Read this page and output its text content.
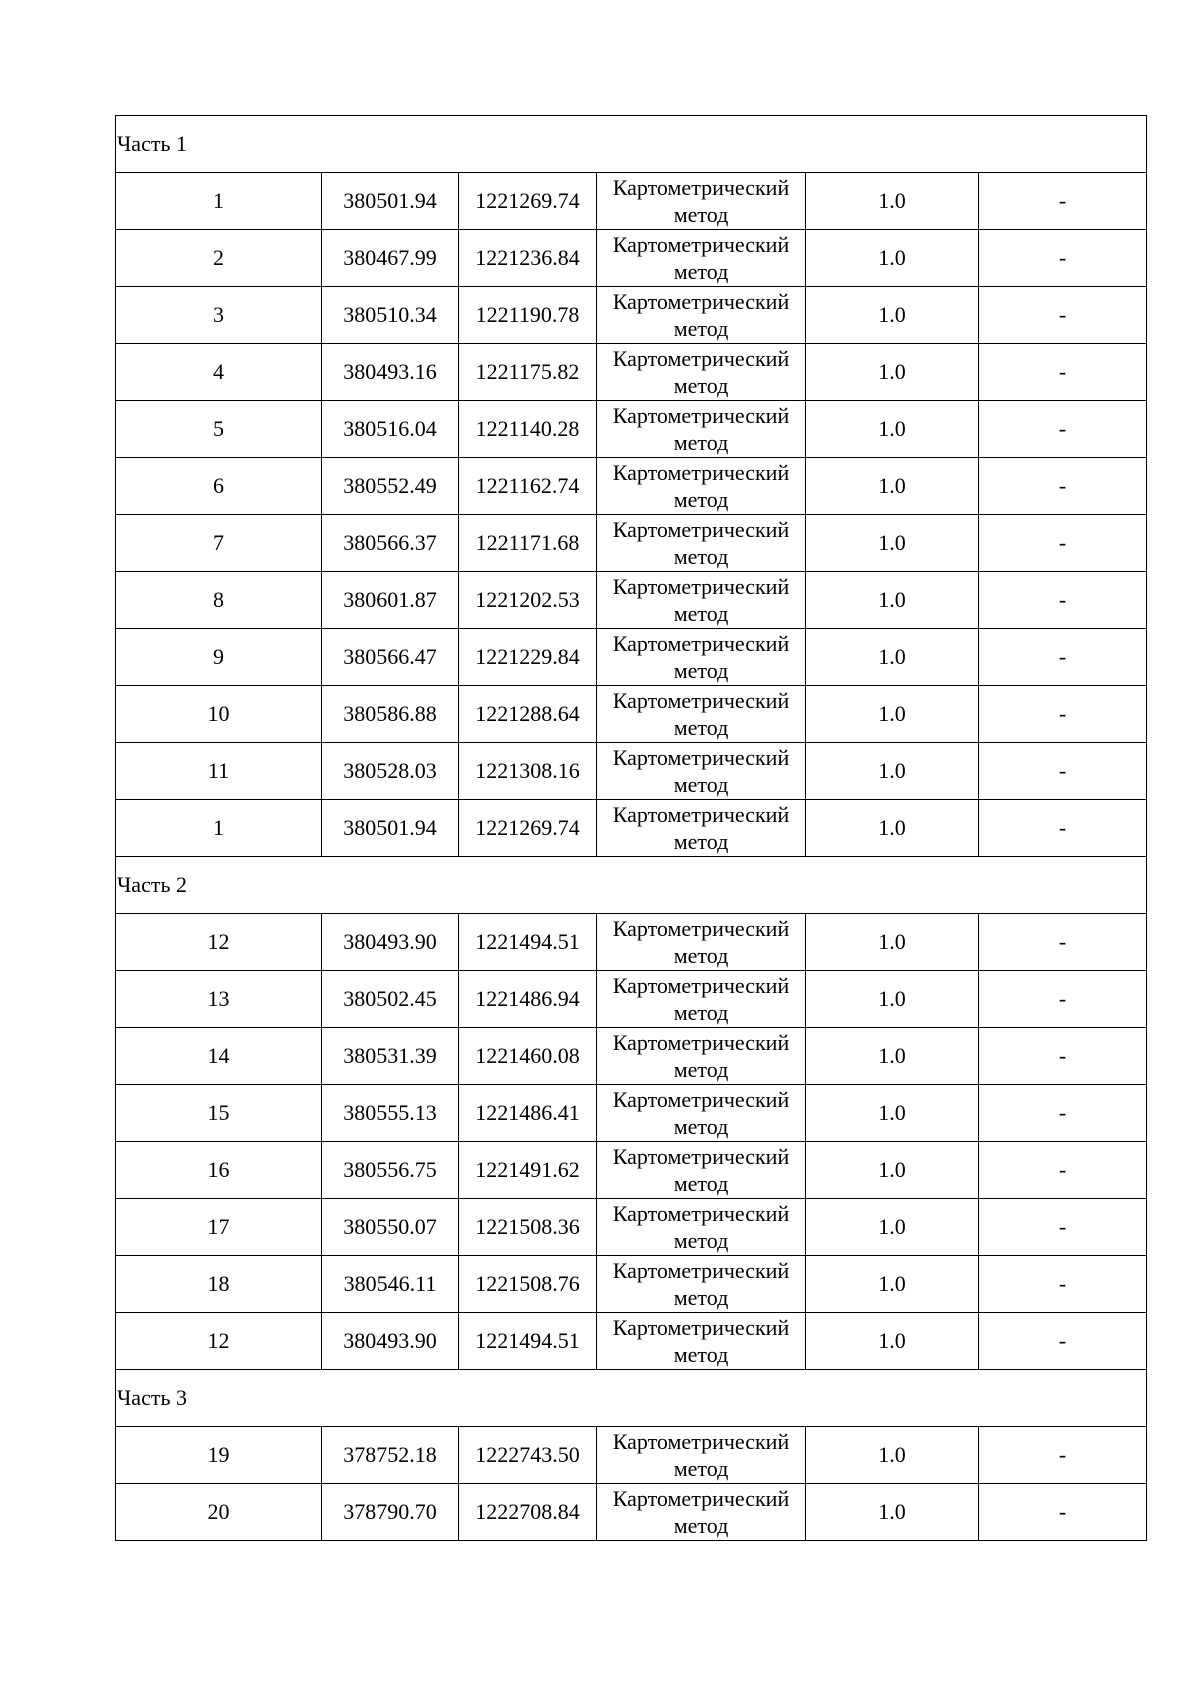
Часть 1					
1	380501.94	1221269.74	Картометрический метод	1.0	-
2	380467.99	1221236.84	Картометрический метод	1.0	-
3	380510.34	1221190.78	Картометрический метод	1.0	-
4	380493.16	1221175.82	Картометрический метод	1.0	-
5	380516.04	1221140.28	Картометрический метод	1.0	-
6	380552.49	1221162.74	Картометрический метод	1.0	-
7	380566.37	1221171.68	Картометрический метод	1.0	-
8	380601.87	1221202.53	Картометрический метод	1.0	-
9	380566.47	1221229.84	Картометрический метод	1.0	-
10	380586.88	1221288.64	Картометрический метод	1.0	-
11	380528.03	1221308.16	Картометрический метод	1.0	-
1	380501.94	1221269.74	Картометрический метод	1.0	-
Часть 2					
12	380493.90	1221494.51	Картометрический метод	1.0	-
13	380502.45	1221486.94	Картометрический метод	1.0	-
14	380531.39	1221460.08	Картометрический метод	1.0	-
15	380555.13	1221486.41	Картометрический метод	1.0	-
16	380556.75	1221491.62	Картометрический метод	1.0	-
17	380550.07	1221508.36	Картометрический метод	1.0	-
18	380546.11	1221508.76	Картометрический метод	1.0	-
12	380493.90	1221494.51	Картометрический метод	1.0	-
Часть 3					
19	378752.18	1222743.50	Картометрический метод	1.0	-
20	378790.70	1222708.84	Картометрический метод	1.0	-
